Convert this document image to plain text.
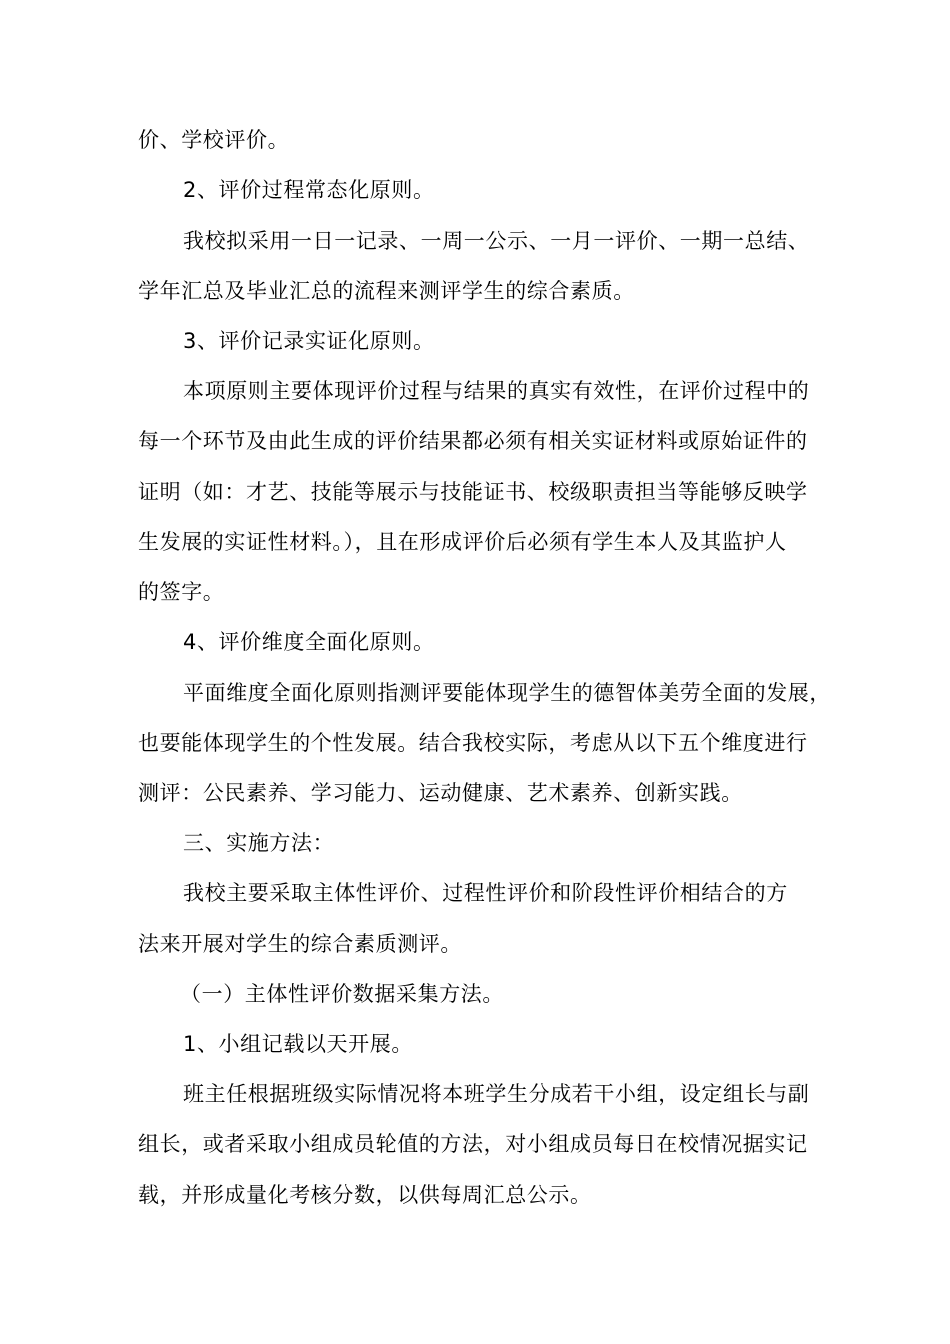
价、学校评价。
2、评价过程常态化原则。
我校拟采用一日一记录、一周一公示、一月一评价、一期一总结、
学年汇总及毕业汇总的流程来测评学生的综合素质。
3、评价记录实证化原则。
本项原则主要体现评价过程与结果的真实有效性，在评价过程中的
每一个环节及由此生成的评价结果都必须有相关实证材料或原始证件的
证明（如：才艺、技能等展示与技能证书、校级职责担当等能够反映学
生发展的实证性材料。），且在形成评价后必须有学生本人及其监护人
的签字。
4、评价维度全面化原则。
平面维度全面化原则指测评要能体现学生的德智体美劳全面的发展，
也要能体现学生的个性发展。结合我校实际，考虑从以下五个维度进行
测评：公民素养、学习能力、运动健康、艺术素养、创新实践。
三、实施方法：
我校主要采取主体性评价、过程性评价和阶段性评价相结合的方
法来开展对学生的综合素质测评。
（一）主体性评价数据采集方法。
1、小组记载以天开展。
班主任根据班级实际情况将本班学生分成若干小组，设定组长与副
组长，或者采取小组成员轮值的方法，对小组成员每日在校情况据实记
载，并形成量化考核分数，以供每周汇总公示。
